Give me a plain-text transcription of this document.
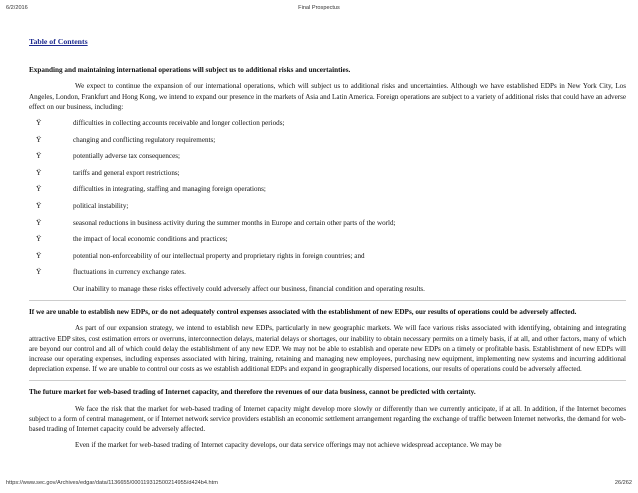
6/2/2016	Final Prospectus
Table of Contents

Expanding and maintaining international operations will subject us to additional risks and uncertainties.

We expect to continue the expansion of our international operations, which will subject us to additional risks and uncertainties. Although we have established EDPs in New York City, Los Angeles, London, Frankfurt and Hong Kong, we intend to expand our presence in the markets of Asia and Latin America. Foreign operations are subject to a variety of additional risks that could have an adverse effect on our business, including:

Ÿ	difficulties in collecting accounts receivable and longer collection periods;
Ÿ	changing and conflicting regulatory requirements;
Ÿ	potentially adverse tax consequences;
Ÿ	tariffs and general export restrictions;
Ÿ	difficulties in integrating, staffing and managing foreign operations;
Ÿ	political instability;
Ÿ	seasonal reductions in business activity during the summer months in Europe and certain other parts of the world;
Ÿ	the impact of local economic conditions and practices;
Ÿ	potential non-enforceability of our intellectual property and proprietary rights in foreign countries; and
Ÿ	fluctuations in currency exchange rates.

Our inability to manage these risks effectively could adversely affect our business, financial condition and operating results.

If we are unable to establish new EDPs, or do not adequately control expenses associated with the establishment of new EDPs, our results of operations could be adversely affected.

As part of our expansion strategy, we intend to establish new EDPs, particularly in new geographic markets. We will face various risks associated with identifying, obtaining and integrating attractive EDP sites, cost estimation errors or overruns, interconnection delays, material delays or shortages, our inability to obtain necessary permits on a timely basis, if at all, and other factors, many of which are beyond our control and all of which could delay the establishment of any new EDP. We may not be able to establish and operate new EDPs on a timely or profitable basis. Establishment of new EDPs will increase our operating expenses, including expenses associated with hiring, training, retaining and managing new employees, purchasing new equipment, implementing new systems and incurring additional depreciation expense. If we are unable to control our costs as we establish additional EDPs and expand in geographically dispersed locations, our results of operations could be adversely affected.

The future market for web-based trading of Internet capacity, and therefore the revenues of our data business, cannot be predicted with certainty.

We face the risk that the market for web-based trading of Internet capacity might develop more slowly or differently than we currently anticipate, if at all. In addition, if the Internet becomes subject to a form of central management, or if Internet network service providers establish an economic settlement arrangement regarding the exchange of traffic between Internet networks, the demand for web-based trading of Internet capacity could be adversely affected.

Even if the market for web-based trading of Internet capacity develops, our data service offerings may not achieve widespread acceptance. We may be

https://www.sec.gov/Archives/edgar/data/1136655/000119312500214955/d424b4.htm	26/262
